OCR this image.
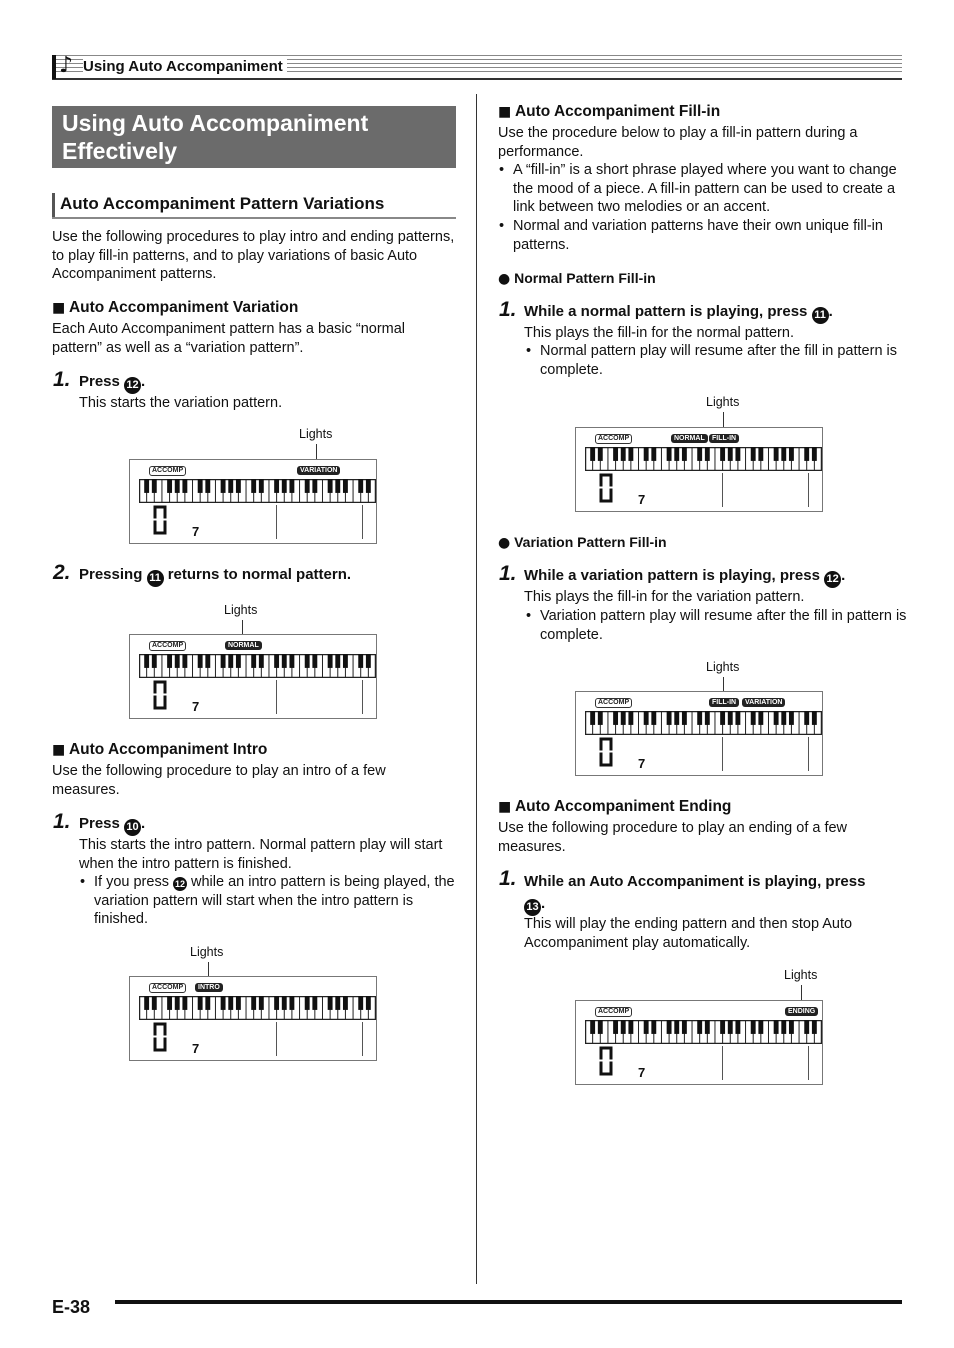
♪ Using Auto Accompaniment
Using Auto Accompaniment Effectively
Auto Accompaniment Pattern Variations
Use the following procedures to play intro and ending patterns, to play fill-in patterns, and to play variations of basic Auto Accompaniment patterns.
■ Auto Accompaniment Variation
Each Auto Accompaniment pattern has a basic “normal pattern” as well as a “variation pattern”.
1. Press 12 .
This starts the variation pattern.
Lights
ACCOMP	VARIATION
7
2. Pressing 11 returns to normal pattern.
Lights
ACCOMP	NORMAL
7
■ Auto Accompaniment Intro
Use the following procedure to play an intro of a few measures.
1. Press 10 .
This starts the intro pattern. Normal pattern play will start when the intro pattern is finished.
• If you press 12 while an intro pattern is being played, the variation pattern will start when the intro pattern is finished.
Lights
ACCOMP	INTRO
7
■ Auto Accompaniment Fill-in
Use the procedure below to play a fill-in pattern during a performance.
• A “fill-in” is a short phrase played where you want to change the mood of a piece. A fill-in pattern can be used to create a link between two melodies or an accent.
• Normal and variation patterns have their own unique fill-in patterns.
● Normal Pattern Fill-in
1. While a normal pattern is playing, press 11 .
This plays the fill-in for the normal pattern.
• Normal pattern play will resume after the fill in pattern is complete.
Lights
ACCOMP	NORMAL	FILL-IN
7
● Variation Pattern Fill-in
1. While a variation pattern is playing, press 12 .
This plays the fill-in for the variation pattern.
• Variation pattern play will resume after the fill in pattern is complete.
Lights
ACCOMP	FILL-IN	VARIATION
7
■ Auto Accompaniment Ending
Use the following procedure to play an ending of a few measures.
1. While an Auto Accompaniment is playing, press
13 .
This will play the ending pattern and then stop Auto Accompaniment play automatically.
Lights
ACCOMP	ENDING
7
E-38
